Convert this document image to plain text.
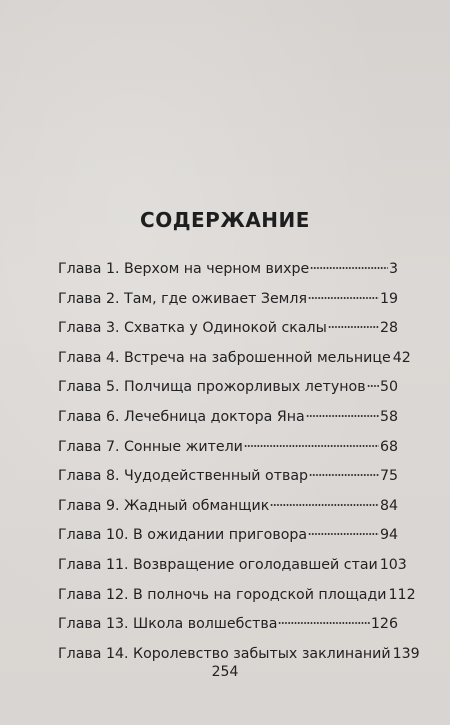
СОДЕРЖАНИЕ
Глава 1. Верхом на черном вихре	3
Глава 2. Там, где оживает Земля	19
Глава 3. Схватка у Одинокой скалы	28
Глава 4. Встреча на заброшенной мельнице 42
Глава 5. Полчища прожорливых летунов 50
Глава 6. Лечебница доктора Яна	58
Глава 7. Сонные жители	68
Глава 8. Чудодейственный отвар	75
Глава 9. Жадный обманщик	84
Глава 10. В ожидании приговора	94
Глава 11. Возвращение оголодавшей стаи 103
Глава 12. В полночь на городской площади 112
Глава 13. Школа волшебства	126
Глава 14. Королевство забытых заклинаний 139
254
